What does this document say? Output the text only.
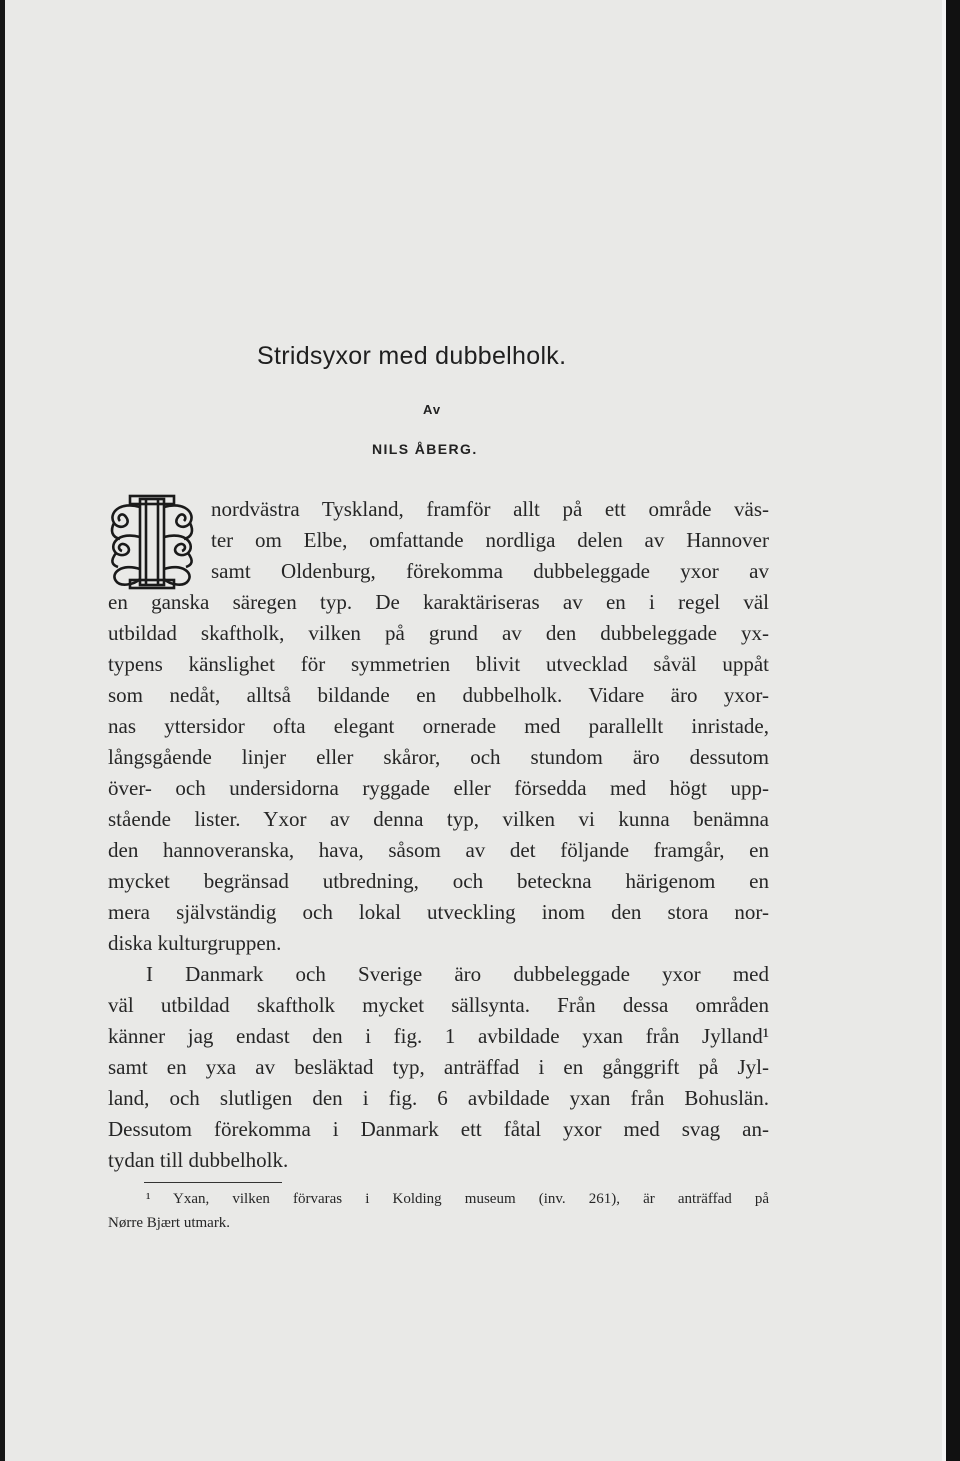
Stridsyxor med dubbelholk.
Av
NILS ÅBERG.
nordvästra Tyskland, framför allt på ett område väs-
ter om Elbe, omfattande nordliga delen av Hannover
samt Oldenburg, förekomma dubbeleggade yxor av
en ganska säregen typ. De karaktäriseras av en i regel väl
utbildad skaftholk, vilken på grund av den dubbeleggade yx-
typens känslighet för symmetrien blivit utvecklad såväl uppåt
som nedåt, alltså bildande en dubbelholk. Vidare äro yxor-
nas yttersidor ofta elegant ornerade med parallellt inristade,
långsgående linjer eller skåror, och stundom äro dessutom
över- och undersidorna ryggade eller försedda med högt upp-
stående lister. Yxor av denna typ, vilken vi kunna benämna
den hannoveranska, hava, såsom av det följande framgår, en
mycket begränsad utbredning, och beteckna härigenom en
mera självständig och lokal utveckling inom den stora nor-
diska kulturgruppen.
I Danmark och Sverige äro dubbeleggade yxor med
väl utbildad skaftholk mycket sällsynta. Från dessa områden
känner jag endast den i fig. 1 avbildade yxan från Jylland¹
samt en yxa av besläktad typ, anträffad i en gånggrift på Jyl-
land, och slutligen den i fig. 6 avbildade yxan från Bohuslän.
Dessutom förekomma i Danmark ett fåtal yxor med svag an-
tydan till dubbelholk.
¹ Yxan, vilken förvaras i Kolding museum (inv. 261), är anträffad på
Nørre Bjært utmark.
